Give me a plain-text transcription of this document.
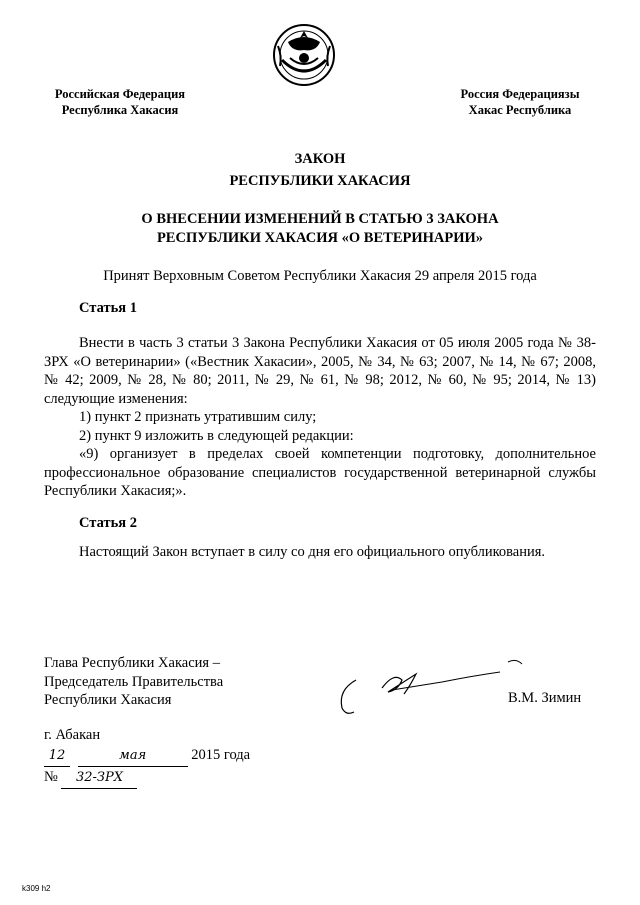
Российская Федерация
Республика Хакасия
Россия Федерациязы
Хакас Республика
ЗАКОН
РЕСПУБЛИКИ ХАКАСИЯ
О ВНЕСЕНИИ ИЗМЕНЕНИЙ В СТАТЬЮ 3 ЗАКОНА
РЕСПУБЛИКИ ХАКАСИЯ «О ВЕТЕРИНАРИИ»
Принят Верховным Советом Республики Хакасия 29 апреля 2015 года
Статья 1
Внести в часть 3 статьи 3 Закона Республики Хакасия от 05 июля 2005 года № 38-ЗРХ «О ветеринарии» («Вестник Хакасии», 2005, № 34, № 63; 2007, № 14, № 67; 2008, № 42; 2009, № 28, № 80; 2011, № 29, № 61, № 98; 2012, № 60, № 95; 2014, № 13) следующие изменения:
1) пункт 2 признать утратившим силу;
2) пункт 9 изложить в следующей редакции:
«9) организует в пределах своей компетенции подготовку, дополнительное профессиональное образование специалистов государственной ветеринарной службы Республики Хакасия;».
Статья 2
Настоящий Закон вступает в силу со дня его официального опубликования.
Глава Республики Хакасия –
Председатель Правительства
Республики Хакасия	В.М. Зимин
г. Абакан
12	мая	2015 года
№ 32-ЗРХ
k309 h2
